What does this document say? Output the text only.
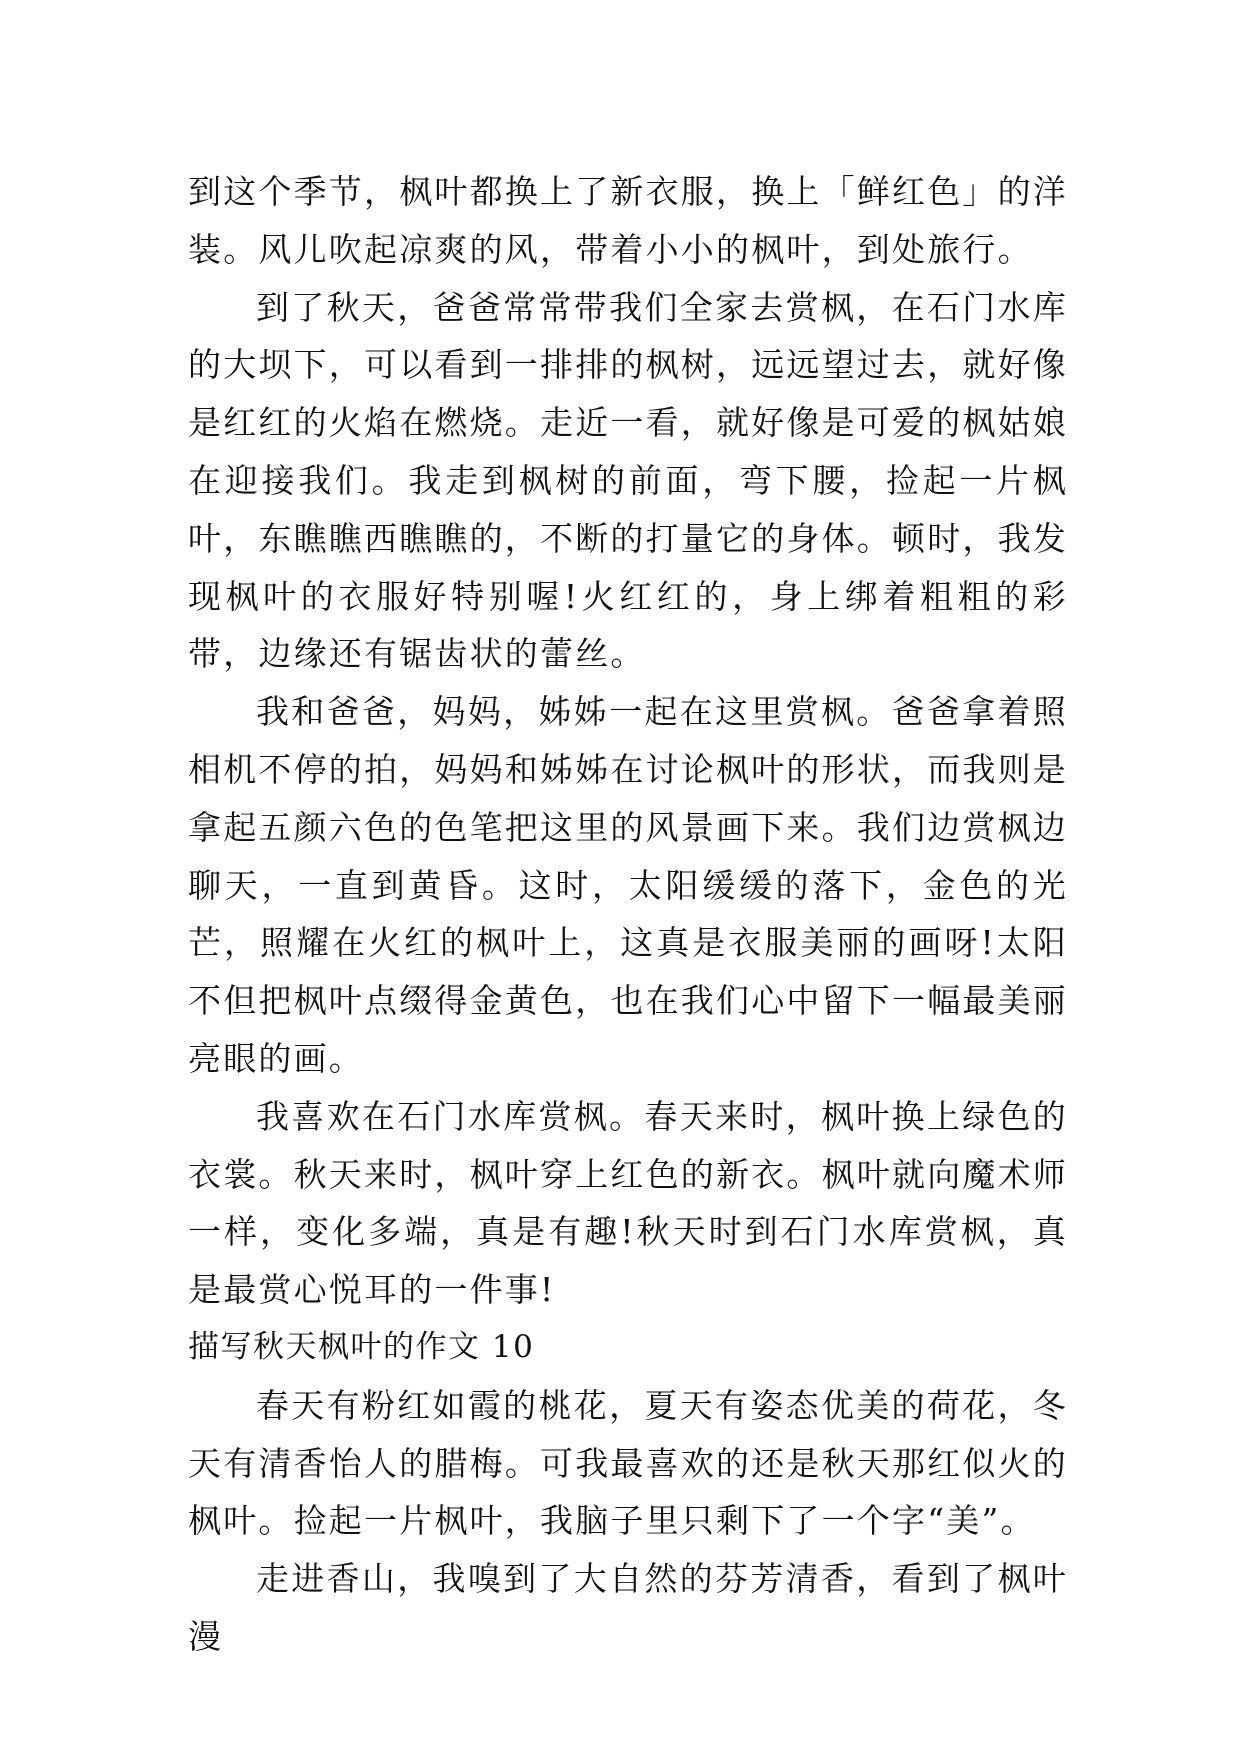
到这个季节，枫叶都换上了新衣服，换上「鲜红色」的洋装。风儿吹起凉爽的风，带着小小的枫叶，到处旅行。

到了秋天，爸爸常常带我们全家去赏枫，在石门水库的大坝下，可以看到一排排的枫树，远远望过去，就好像是红红的火焰在燃烧。走近一看，就好像是可爱的枫姑娘在迎接我们。我走到枫树的前面，弯下腰，捡起一片枫叶，东瞧瞧西瞧瞧的，不断的打量它的身体。顿时，我发现枫叶的衣服好特别喔!火红红的，身上绑着粗粗的彩带，边缘还有锯齿状的蕾丝。

我和爸爸，妈妈，姊姊一起在这里赏枫。爸爸拿着照相机不停的拍，妈妈和姊姊在讨论枫叶的形状，而我则是拿起五颜六色的色笔把这里的风景画下来。我们边赏枫边聊天，一直到黄昏。这时，太阳缓缓的落下，金色的光芒，照耀在火红的枫叶上，这真是衣服美丽的画呀!太阳不但把枫叶点缀得金黄色，也在我们心中留下一幅最美丽亮眼的画。

我喜欢在石门水库赏枫。春天来时，枫叶换上绿色的衣裳。秋天来时，枫叶穿上红色的新衣。枫叶就向魔术师一样，变化多端，真是有趣!秋天时到石门水库赏枫，真是最赏心悦耳的一件事!

描写秋天枫叶的作文 10

春天有粉红如霞的桃花，夏天有姿态优美的荷花，冬天有清香怡人的腊梅。可我最喜欢的还是秋天那红似火的枫叶。捡起一片枫叶，我脑子里只剩下了一个字“美”。

走进香山，我嗅到了大自然的芬芳清香，看到了枫叶漫
